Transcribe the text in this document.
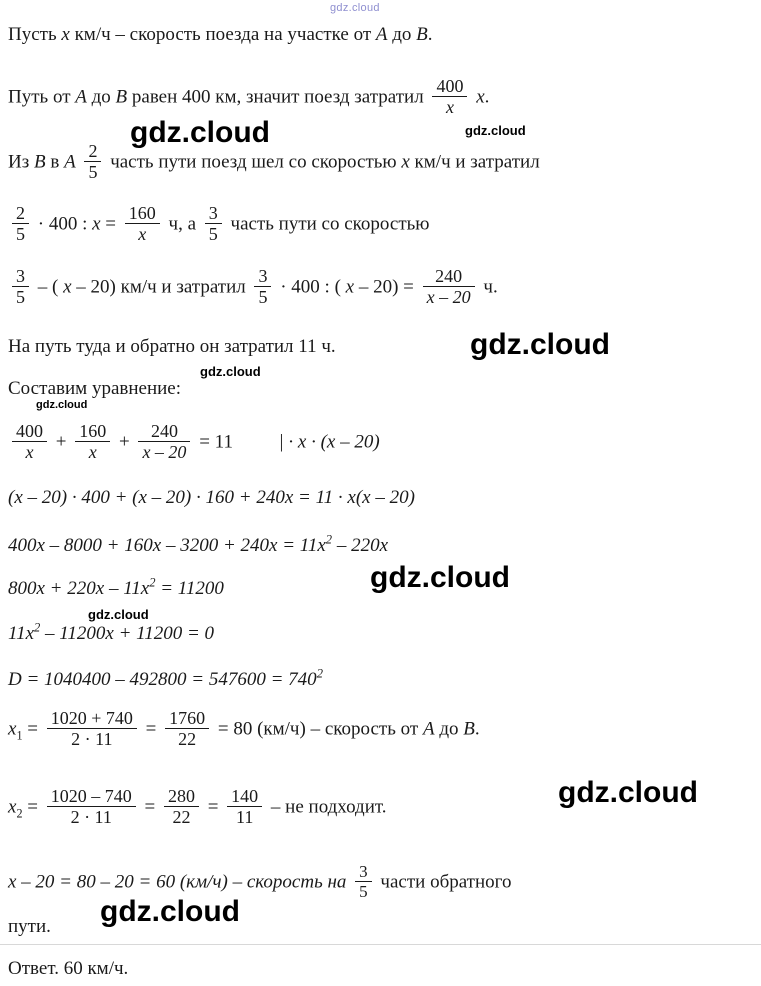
gdz.cloud
Пусть x км/ч – скорость поезда на участке от A до B.
Путь от A до B равен 400 км, значит поезд затратил $\frac{400}{x} x$.
Из B в A $\frac{2}{5}$ часть пути поезд шел со скоростью x км/ч и затратил
$\frac{2}{5} \cdot 400$ : $x = \frac{160}{x} ч$, а $\frac{3}{5}$ часть пути со скоростью
$\frac{3}{5}$ – ( x – 20) км/ч и затратил $\frac{3}{5} \cdot 400$ : ( $x - 20) = \frac{240}{x - 20} ч$.
На путь туда и обратно он затратил 11 ч.
Составим уравнение:
$\frac{400}{x} + \frac{160}{x} + \frac{240}{x - 20} = 11$ | · x · (x – 20)
(x – 20) · 400 + (x – 20) · 160 + 240x = 11 · x(x – 20)
$400x - 8000 + 160x - 3200 + 240x = 11x^2 - 220x$
$800x + 220x - 11x^2 = 11200$
$11x^2 - 11200x + 11200 = 0$
$D = 1040400 - 492800 = 547600 = 740^2$
$x_1 = \frac{1020 + 740}{2 \cdot 11} = \frac{1760}{22} = 80$ (км/ч) – скорость от A до B.
$x_2 = \frac{1020 - 740}{2 \cdot 11} = \frac{280}{22} = \frac{140}{11}$ – не подходит.
x – 20 = 80 – 20 = 60 (км/ч) – скорость на $\frac{3}{5}$ части обратного
пути.
Ответ. 60 км/ч.
gdz.cloud	gdz.cloud
gdz.cloud
gdz.cloud
gdz.cloud
gdz.cloud
gdz.cloud
gdz.cloud
gdz.cloud
